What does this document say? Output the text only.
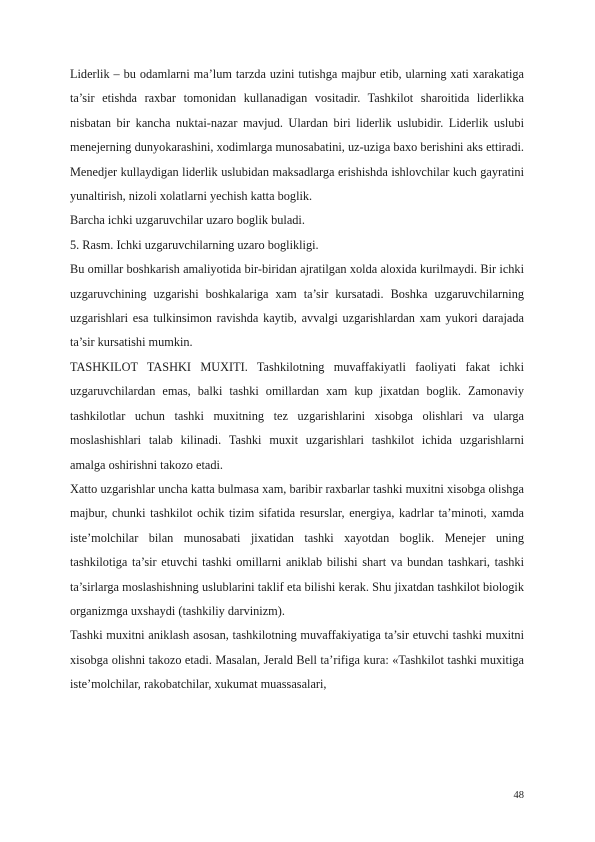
Liderlik – bu odamlarni ma’lum tarzda uzini tutishga majbur etib, ularning xati xarakatiga ta’sir etishda raxbar tomonidan kullanadigan vositadir. Tashkilot sharoitida liderlikka nisbatan bir kancha nuktai-nazar mavjud. Ulardan biri liderlik uslubidir. Liderlik uslubi menejerning dunyokarashini, xodimlarga munosabatini, uz-uziga baxo berishini aks ettiradi. Menedjer kullaydigan liderlik uslubidan maksadlarga erishishda ishlovchilar kuch gayratini yunaltirish, nizoli xolatlarni yechish katta boglik.

Barcha ichki uzgaruvchilar uzaro boglik buladi.

5. Rasm. Ichki uzgaruvchilarning uzaro boglikligi.

Bu omillar boshkarish amaliyotida bir-biridan ajratilgan xolda aloxida kurilmaydi. Bir ichki uzgaruvchining uzgarishi boshkalariga xam ta’sir kursatadi. Boshka uzgaruvchilarning uzgarishlari esa tulkinsimon ravishda kaytib, avvalgi uzgarishlardan xam yukori darajada ta’sir kursatishi mumkin.

TASHKILOT TASHKI MUXITI. Tashkilotning muvaffakiyatli faoliyati fakat ichki uzgaruvchilardan emas, balki tashki omillardan xam kup jixatdan boglik. Zamonaviy tashkilotlar uchun tashki muxitning tez uzgarishlarini xisobga olishlari va ularga moslashishlari talab kilinadi. Tashki muxit uzgarishlari tashkilot ichida uzgarishlarni amalga oshirishni takozo etadi.

Xatto uzgarishlar uncha katta bulmasa xam, baribir raxbarlar tashki muxitni xisobga olishga majbur, chunki tashkilot ochik tizim sifatida resurslar, energiya, kadrlar ta’minoti, xamda iste’molchilar bilan munosabati jixatidan tashki xayotdan boglik. Menejer uning tashkilotiga ta’sir etuvchi tashki omillarni aniklab bilishi shart va bundan tashkari, tashki ta’sirlarga moslashishning uslublarini taklif eta bilishi kerak. Shu jixatdan tashkilot biologik organizmga uxshaydi (tashkiliy darvinizm).

Tashki muxitni aniklash asosan, tashkilotning muvaffakiyatiga ta’sir etuvchi tashki muxitni xisobga olishni takozo etadi. Masalan, Jerald Bell ta’rifiga kura: «Tashkilot tashki muxitiga iste’molchilar, rakobatchilar, xukumat muassasalari,

48
